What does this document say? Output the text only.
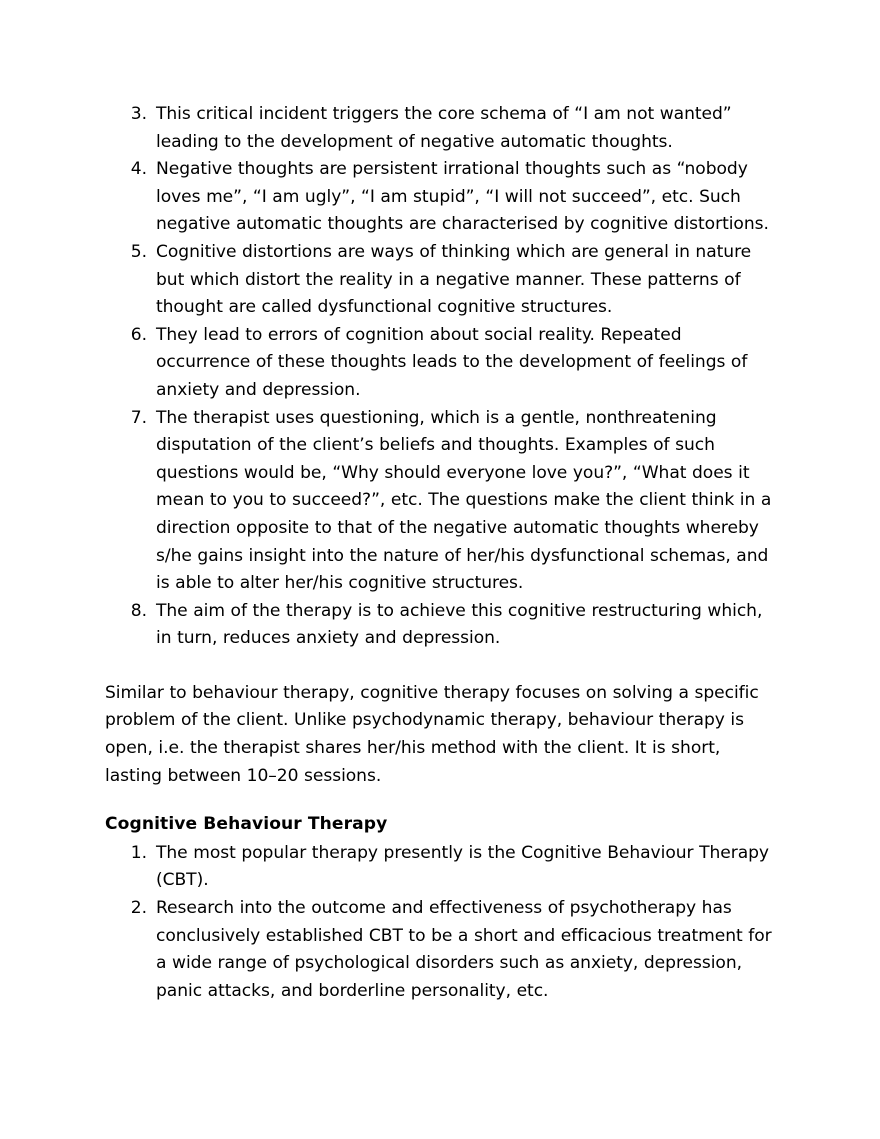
3. This critical incident triggers the core schema of “I am not wanted” leading to the development of negative automatic thoughts.
4. Negative thoughts are persistent irrational thoughts such as “nobody loves me”, “I am ugly”, “I am stupid”, “I will not succeed”, etc. Such negative automatic thoughts are characterised by cognitive distortions.
5. Cognitive distortions are ways of thinking which are general in nature but which distort the reality in a negative manner. These patterns of thought are called dysfunctional cognitive structures.
6. They lead to errors of cognition about social reality. Repeated occurrence of these thoughts leads to the development of feelings of anxiety and depression.
7. The therapist uses questioning, which is a gentle, nonthreatening disputation of the client’s beliefs and thoughts. Examples of such questions would be, “Why should everyone love you?”, “What does it mean to you to succeed?”, etc. The questions make the client think in a direction opposite to that of the negative automatic thoughts whereby s/he gains insight into the nature of her/his dysfunctional schemas, and is able to alter her/his cognitive structures.
8. The aim of the therapy is to achieve this cognitive restructuring which, in turn, reduces anxiety and depression.

Similar to behaviour therapy, cognitive therapy focuses on solving a specific problem of the client. Unlike psychodynamic therapy, behaviour therapy is open, i.e. the therapist shares her/his method with the client. It is short, lasting between 10–20 sessions.

Cognitive Behaviour Therapy
1. The most popular therapy presently is the Cognitive Behaviour Therapy (CBT).
2. Research into the outcome and effectiveness of psychotherapy has conclusively established CBT to be a short and efficacious treatment for a wide range of psychological disorders such as anxiety, depression, panic attacks, and borderline personality, etc.
